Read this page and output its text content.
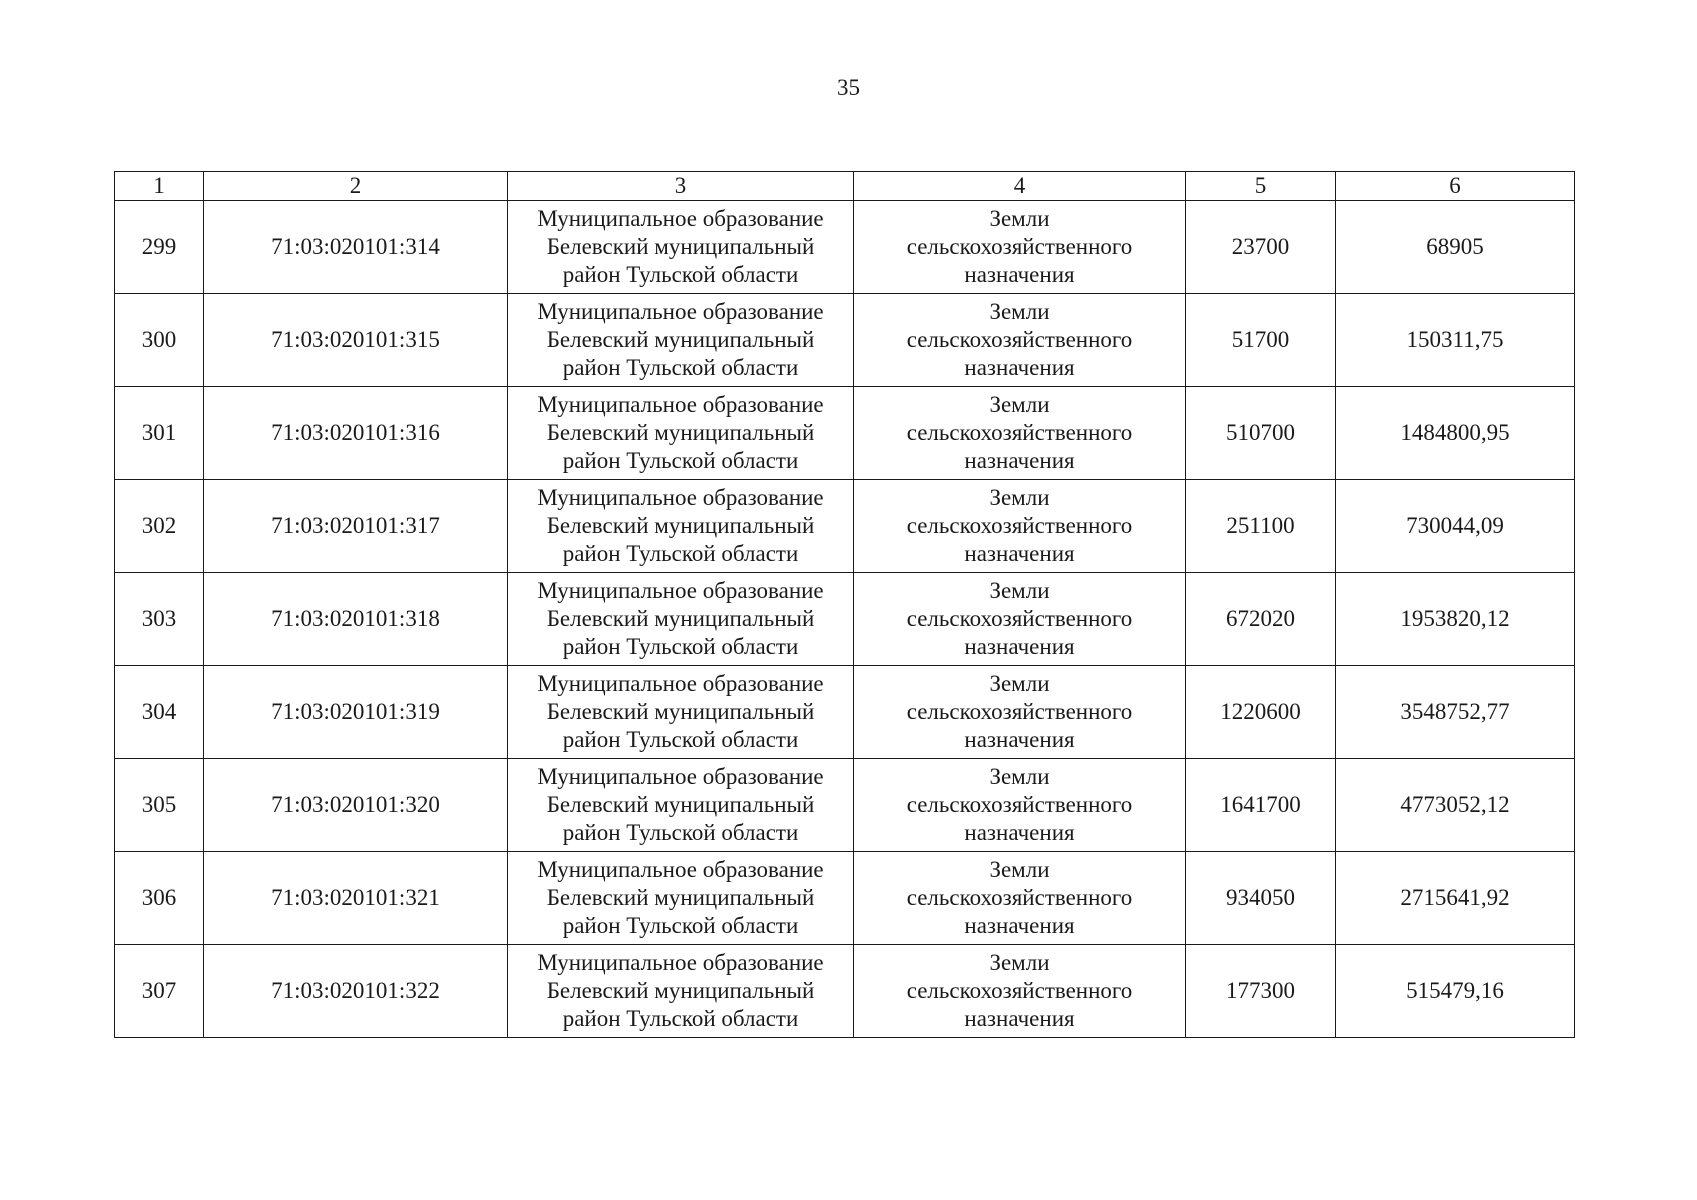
35
1	2	3	4	5	6
299	71:03:020101:314	Муниципальное образование
Белевский муниципальный
район Тульской области	Земли
сельскохозяйственного
назначения	23700	68905
300	71:03:020101:315	Муниципальное образование
Белевский муниципальный
район Тульской области	Земли
сельскохозяйственного
назначения	51700	150311,75
301	71:03:020101:316	Муниципальное образование
Белевский муниципальный
район Тульской области	Земли
сельскохозяйственного
назначения	510700	1484800,95
302	71:03:020101:317	Муниципальное образование
Белевский муниципальный
район Тульской области	Земли
сельскохозяйственного
назначения	251100	730044,09
303	71:03:020101:318	Муниципальное образование
Белевский муниципальный
район Тульской области	Земли
сельскохозяйственного
назначения	672020	1953820,12
304	71:03:020101:319	Муниципальное образование
Белевский муниципальный
район Тульской области	Земли
сельскохозяйственного
назначения	1220600	3548752,77
305	71:03:020101:320	Муниципальное образование
Белевский муниципальный
район Тульской области	Земли
сельскохозяйственного
назначения	1641700	4773052,12
306	71:03:020101:321	Муниципальное образование
Белевский муниципальный
район Тульской области	Земли
сельскохозяйственного
назначения	934050	2715641,92
307	71:03:020101:322	Муниципальное образование
Белевский муниципальный
район Тульской области	Земли
сельскохозяйственного
назначения	177300	515479,16
